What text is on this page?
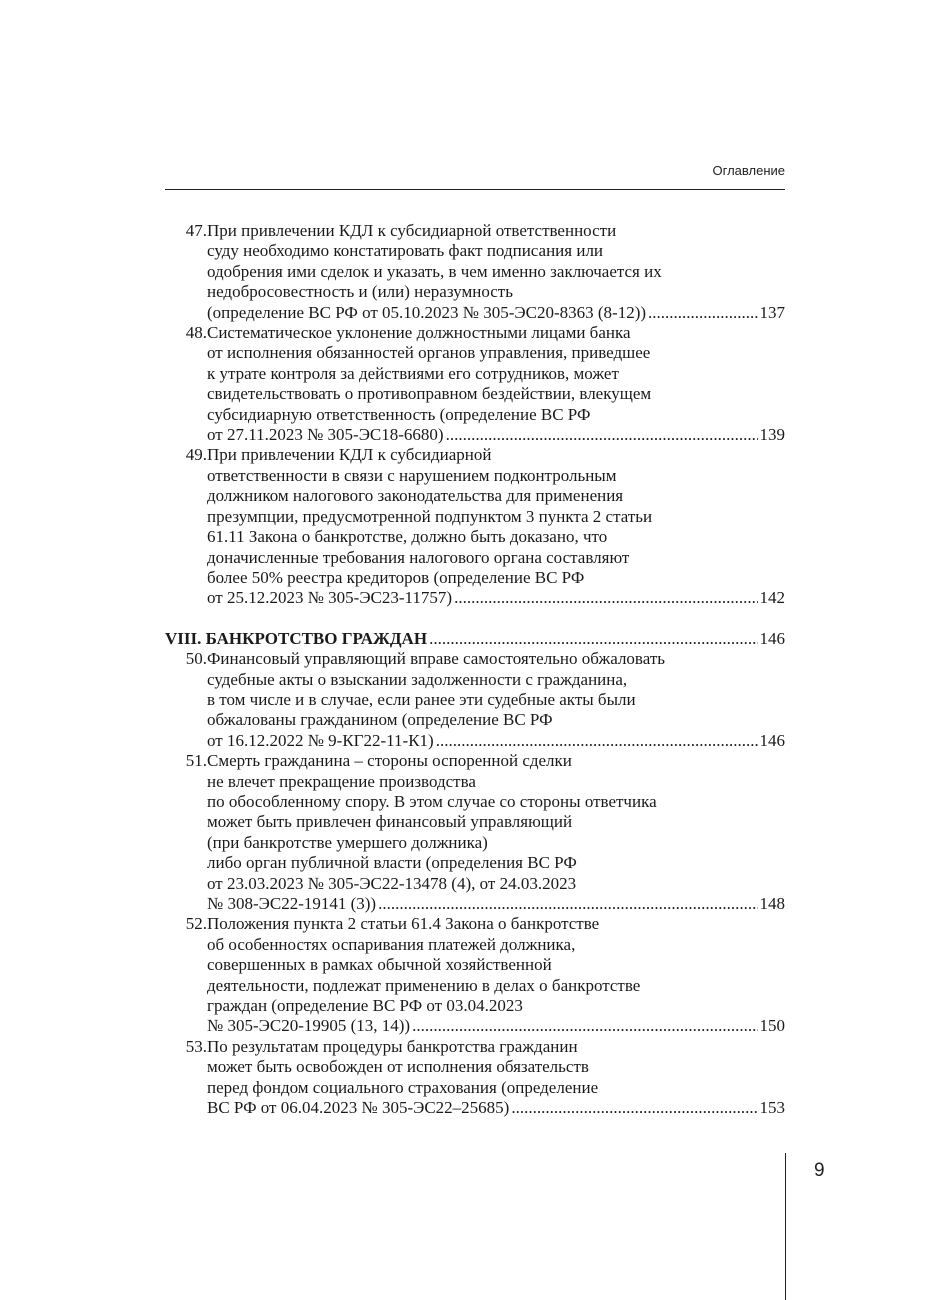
Оглавление
47. При привлечении КДЛ к субсидиарной ответственности
суду необходимо констатировать факт подписания или
одобрения ими сделок и указать, в чем именно заключается их
недобросовестность и (или) неразумность
(определение ВС РФ от 05.10.2023 № 305-ЭС20-8363 (8-12)) .....	137
48. Систематическое уклонение должностными лицами банка
от исполнения обязанностей органов управления, приведшее
к утрате контроля за действиями его сотрудников, может
свидетельствовать о противоправном бездействии, влекущем
субсидиарную ответственность (определение ВС РФ
от 27.11.2023 № 305-ЭС18-6680) .....	139
49. При привлечении КДЛ к субсидиарной
ответственности в связи с нарушением подконтрольным
должником налогового законодательства для применения
презумпции, предусмотренной подпунктом 3 пункта 2 статьи
61.11 Закона о банкротстве, должно быть доказано, что
доначисленные требования налогового органа составляют
более 50% реестра кредиторов (определение ВС РФ
от 25.12.2023 № 305-ЭС23-11757) .....	142
VIII. БАНКРОТСТВО ГРАЖДАН .....	146
50. Финансовый управляющий вправе самостоятельно обжаловать
судебные акты о взыскании задолженности с гражданина,
в том числе и в случае, если ранее эти судебные акты были
обжалованы гражданином (определение ВС РФ
от 16.12.2022 № 9-КГ22-11-К1) .....	146
51. Смерть гражданина – стороны оспоренной сделки
не влечет прекращение производства
по обособленному спору. В этом случае со стороны ответчика
может быть привлечен финансовый управляющий
(при банкротстве умершего должника)
либо орган публичной власти (определения ВС РФ
от 23.03.2023 № 305-ЭС22-13478 (4), от 24.03.2023
№ 308-ЭС22-19141 (3)) .....	148
52. Положения пункта 2 статьи 61.4 Закона о банкротстве
об особенностях оспаривания платежей должника,
совершенных в рамках обычной хозяйственной
деятельности, подлежат применению в делах о банкротстве
граждан (определение ВС РФ от 03.04.2023
№ 305-ЭС20-19905 (13, 14)) .....	150
53. По результатам процедуры банкротства гражданин
может быть освобожден от исполнения обязательств
перед фондом социального страхования (определение
ВС РФ от 06.04.2023 № 305-ЭС22–25685) .....	153
9
